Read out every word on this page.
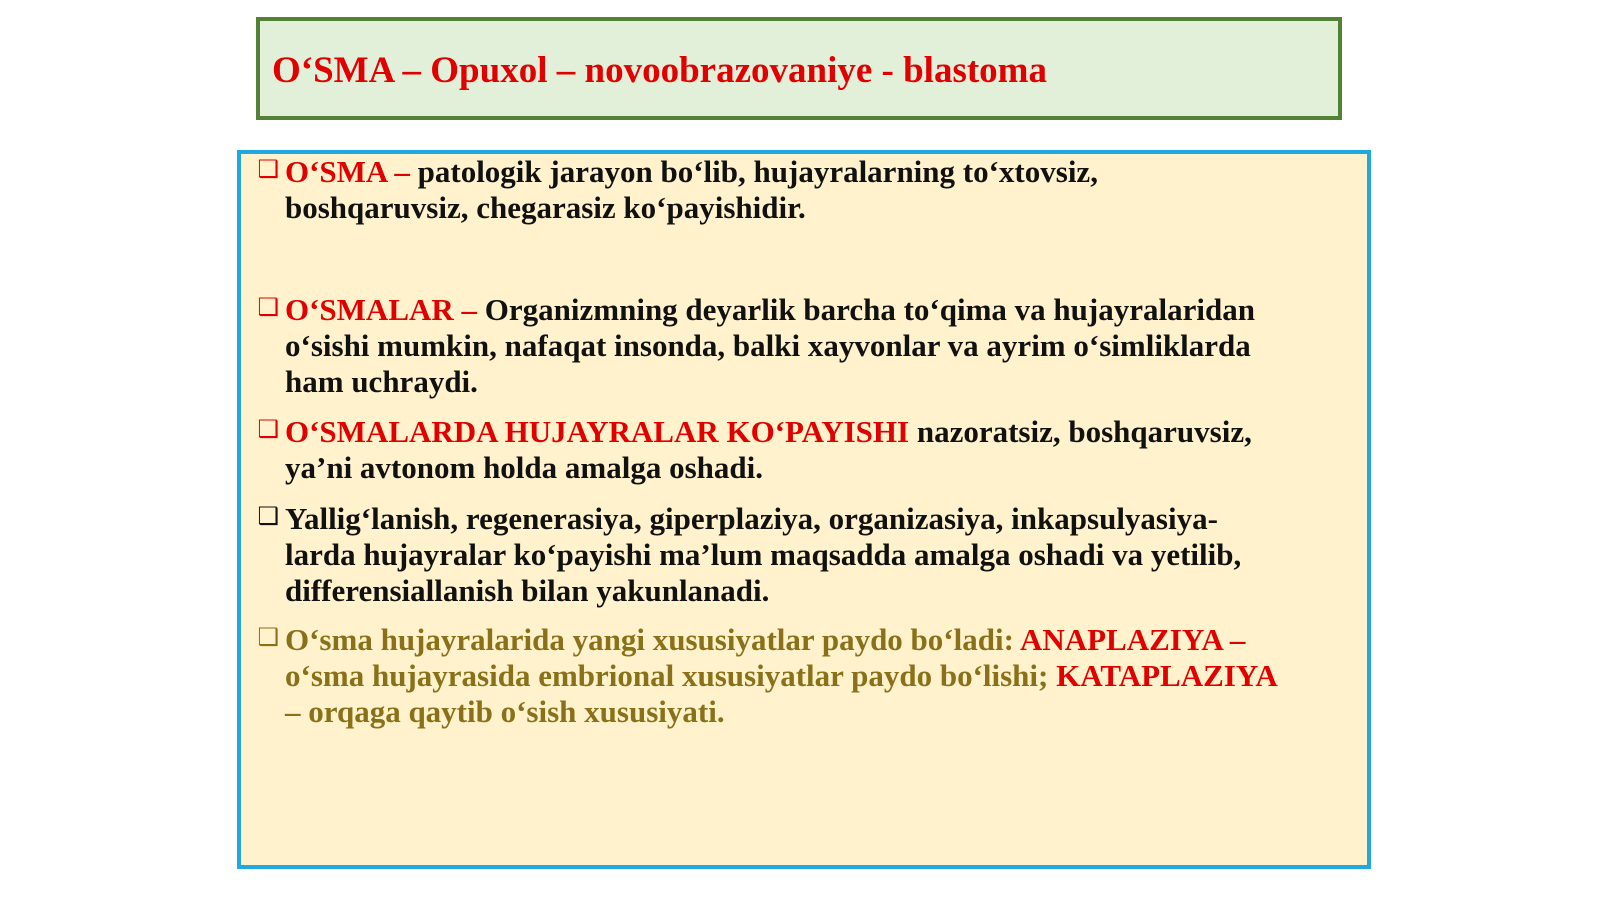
O‘SMA – Opuxol – novoobrazovaniye - blastoma
❑ O‘SMA – patologik jarayon bo‘lib, hujayralarning to‘xtovsiz,
boshqaruvsiz, chegarasiz ko‘payishidir.
❑ O‘SMALAR – Organizmning deyarlik barcha to‘qima va hujayralaridan
o‘sishi mumkin, nafaqat insonda, balki xayvonlar va ayrim o‘simliklarda
ham uchraydi.
❑ O‘SMALARDA HUJAYRALAR KO‘PAYISHI nazoratsiz, boshqaruvsiz,
ya’ni avtonom holda amalga oshadi.
❑ Yallig‘lanish, regenerasiya, giperplaziya, organizasiya, inkapsulyasiya-
larda hujayralar ko‘payishi ma’lum maqsadda amalga oshadi va yetilib,
differensiallanish bilan yakunlanadi.
❑ O‘sma hujayralarida yangi xususiyatlar paydo bo‘ladi: ANAPLAZIYA –
o‘sma hujayrasida embrional xususiyatlar paydo bo‘lishi; KATAPLAZIYA
– orqaga qaytib o‘sish xususiyati.
